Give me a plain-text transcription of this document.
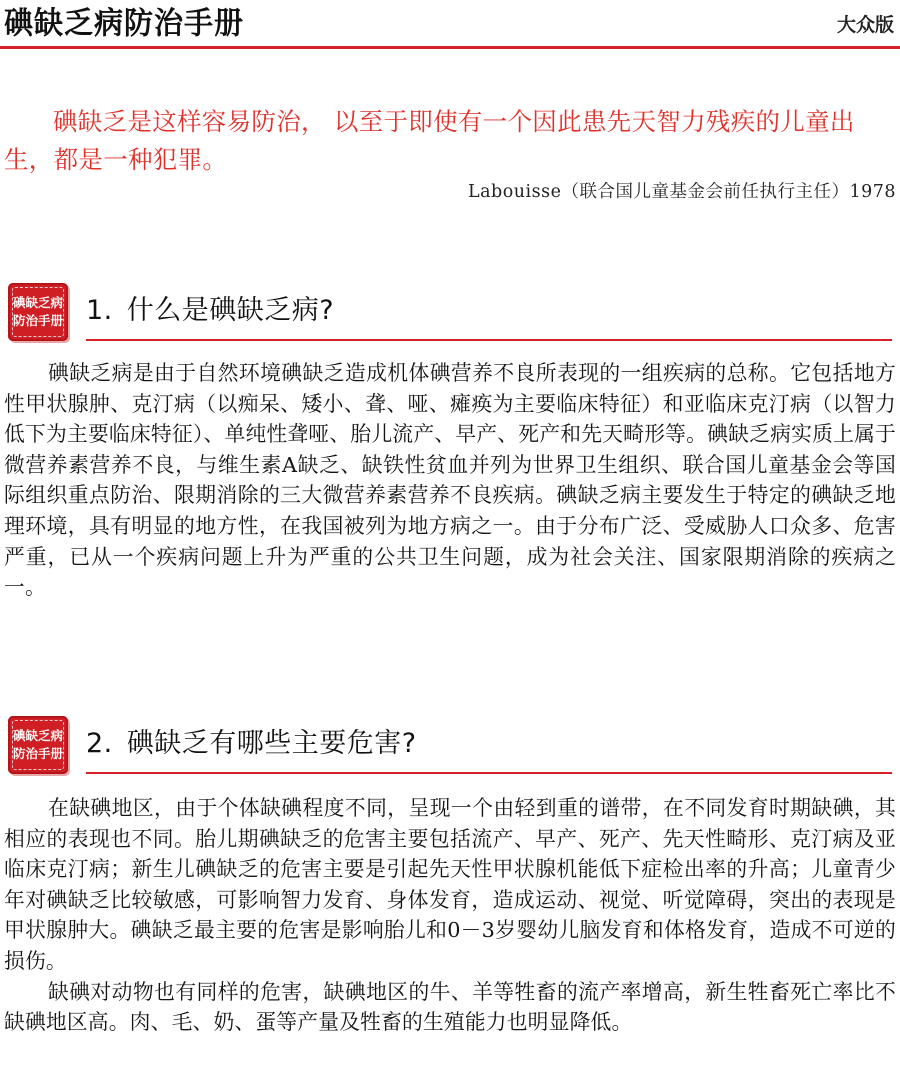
碘缺乏病防治手册	大众版
碘缺乏是这样容易防治， 以至于即使有一个因此患先天智力残疾的儿童出生，都是一种犯罪。
Labouisse（联合国儿童基金会前任执行主任）1978
碘缺乏病
防治手册 1. 什么是碘缺乏病?

碘缺乏病是由于自然环境碘缺乏造成机体碘营养不良所表现的一组疾病的总称。它包括地方性甲状腺肿、克汀病（以痴呆、矮小、聋、哑、瘫痪为主要临床特征）和亚临床克汀病（以智力低下为主要临床特征）、单纯性聋哑、胎儿流产、早产、死产和先天畸形等。碘缺乏病实质上属于微营养素营养不良，与维生素A缺乏、缺铁性贫血并列为世界卫生组织、联合国儿童基金会等国际组织重点防治、限期消除的三大微营养素营养不良疾病。碘缺乏病主要发生于特定的碘缺乏地理环境，具有明显的地方性，在我国被列为地方病之一。由于分布广泛、受威胁人口众多、危害严重，已从一个疾病问题上升为严重的公共卫生问题，成为社会关注、国家限期消除的疾病之一。

碘缺乏病
防治手册 2. 碘缺乏有哪些主要危害?

在缺碘地区，由于个体缺碘程度不同，呈现一个由轻到重的谱带，在不同发育时期缺碘，其相应的表现也不同。胎儿期碘缺乏的危害主要包括流产、早产、死产、先天性畸形、克汀病及亚临床克汀病；新生儿碘缺乏的危害主要是引起先天性甲状腺机能低下症检出率的升高；儿童青少年对碘缺乏比较敏感，可影响智力发育、身体发育，造成运动、视觉、听觉障碍，突出的表现是甲状腺肿大。碘缺乏最主要的危害是影响胎儿和0－3岁婴幼儿脑发育和体格发育，造成不可逆的损伤。

缺碘对动物也有同样的危害，缺碘地区的牛、羊等牲畜的流产率增高，新生牲畜死亡率比不缺碘地区高。肉、毛、奶、蛋等产量及牲畜的生殖能力也明显降低。
